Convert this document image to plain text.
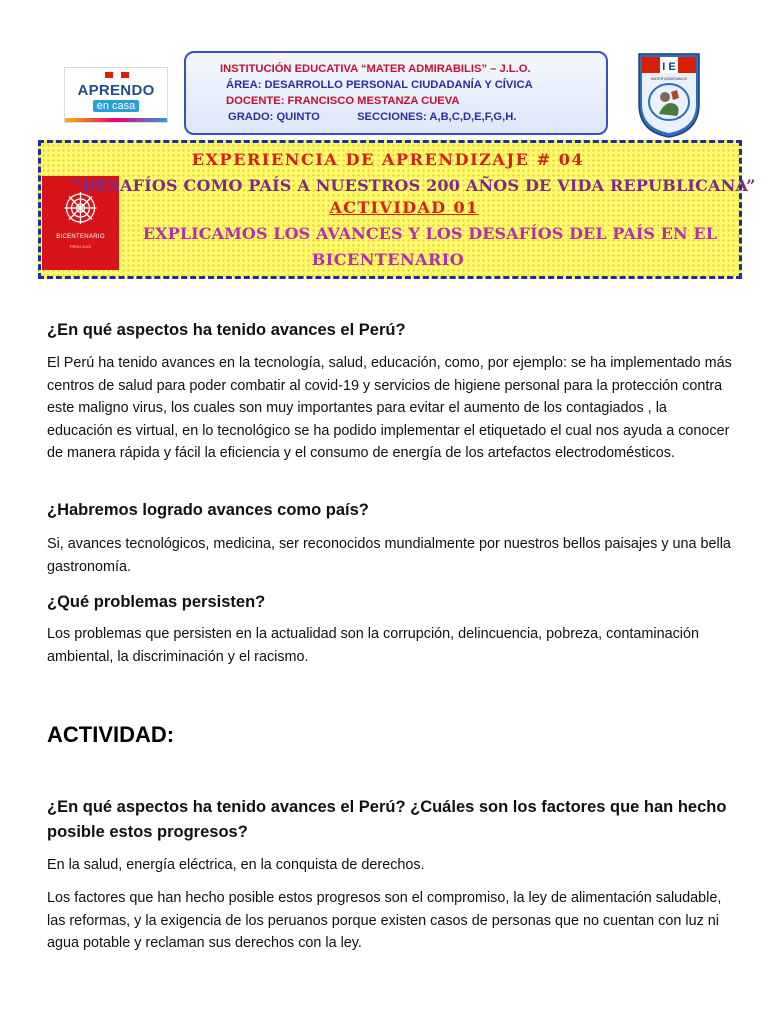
APRENDO
en casa
INSTITUCIÓN EDUCATIVA “MATER ADMIRABILIS” – J.L.O.
ÁREA: DESARROLLO PERSONAL CIUDADANÍA Y CÍVICA
DOCENTE: FRANCISCO MESTANZA CUEVA
GRADO: QUINTO            SECCIONES: A,B,C,D,E,F,G,H.
I E
MATER ADMIRABILIS
BICENTENARIO
PERÚ 2021
EXPERIENCIA DE APRENDIZAJE # 04
“DESAFÍOS COMO PAÍS A NUESTROS 200 AÑOS DE VIDA REPUBLICANA”
ACTIVIDAD 01
EXPLICAMOS LOS AVANCES Y LOS DESAFÍOS DEL PAÍS EN EL
BICENTENARIO

¿En qué aspectos ha tenido avances el Perú?

El Perú ha tenido avances en la tecnología, salud, educación, como, por ejemplo: se ha implementado más centros de salud para poder combatir al covid-19 y servicios de higiene personal para la protección contra este maligno virus, los cuales son muy importantes para evitar el aumento de los contagiados , la educación es virtual, en lo tecnológico se ha podido implementar el etiquetado el cual nos ayuda a conocer de manera rápida y fácil la eficiencia y el consumo de energía de los artefactos electrodomésticos.

¿Habremos logrado avances como país?

Si, avances tecnológicos, medicina, ser reconocidos mundialmente por nuestros bellos paisajes y una bella gastronomía.

¿Qué problemas persisten?

Los problemas que persisten en la actualidad son la corrupción, delincuencia, pobreza, contaminación ambiental, la discriminación y el racismo.

ACTIVIDAD:

¿En qué aspectos ha tenido avances el Perú? ¿Cuáles son los factores que han hecho posible estos progresos?

En la salud, energía eléctrica, en la conquista de derechos.

Los factores que han hecho posible estos progresos son el compromiso, la ley de alimentación saludable, las reformas, y la exigencia de los peruanos porque existen casos de personas que no cuentan con luz ni agua potable y reclaman sus derechos con la ley.
